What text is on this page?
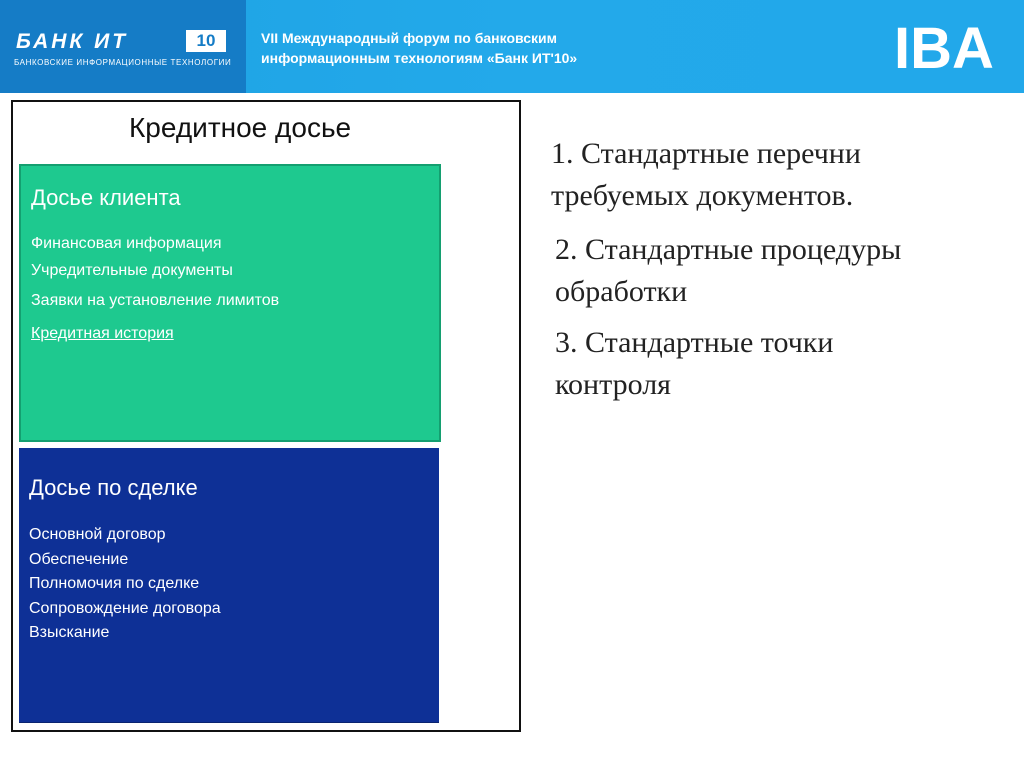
БАНК ИТ	10
БАНКОВСКИЕ ИНФОРМАЦИОННЫЕ ТЕХНОЛОГИИ
VII Международный форум по банковским
информационным технологиям «Банк ИТ'10»	IBA
Кредитное досье
Досье клиента
Финансовая информация
Учредительные документы
Заявки на установление лимитов
Кредитная история
Досье по сделке
Основной договор
Обеспечение
Полномочия по сделке
Сопровождение договора
Взыскание
1. Стандартные перечни
требуемых документов.
2. Стандартные процедуры
обработки
3. Стандартные точки
контроля
